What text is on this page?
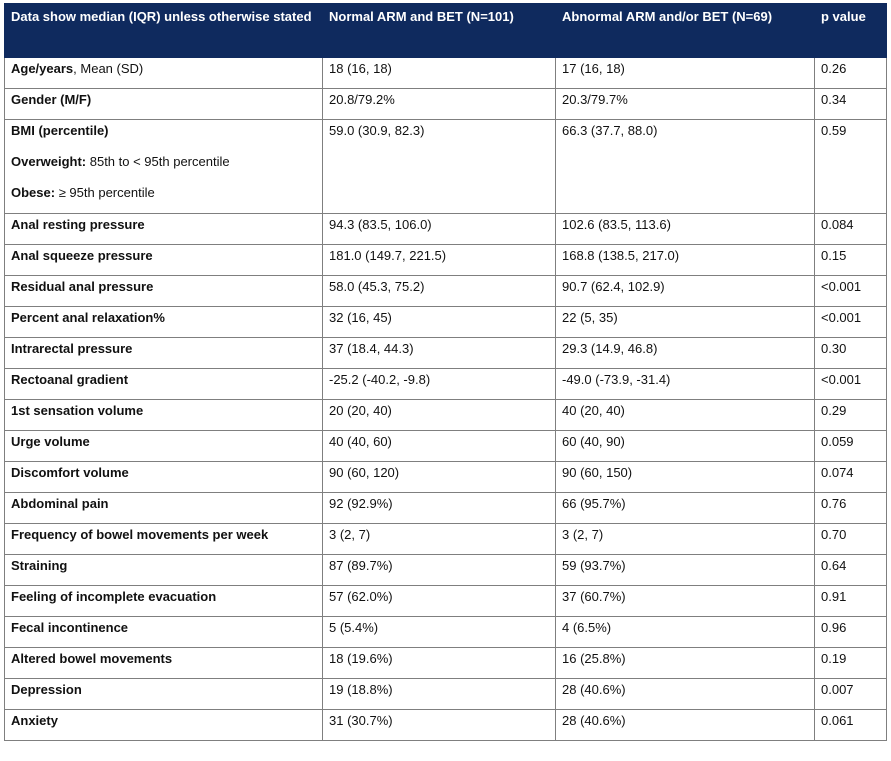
Data show median (IQR) unless otherwise stated	Normal ARM and BET (N=101)	Abnormal ARM and/or BET (N=69)	p value
Age/years, Mean (SD)	18 (16, 18)	17 (16, 18)	0.26
Gender (M/F)	20.8/79.2%	20.3/79.7%	0.34
BMI (percentile)
Overweight: 85th to < 95th percentile
Obese: ≥ 95th percentile	59.0 (30.9, 82.3)	66.3 (37.7, 88.0)	0.59
Anal resting pressure	94.3 (83.5, 106.0)	102.6 (83.5, 113.6)	0.084
Anal squeeze pressure	181.0 (149.7, 221.5)	168.8 (138.5, 217.0)	0.15
Residual anal pressure	58.0 (45.3, 75.2)	90.7 (62.4, 102.9)	<0.001
Percent anal relaxation%	32 (16, 45)	22 (5, 35)	<0.001
Intrarectal pressure	37 (18.4, 44.3)	29.3 (14.9, 46.8)	0.30
Rectoanal gradient	-25.2 (-40.2, -9.8)	-49.0 (-73.9, -31.4)	<0.001
1st sensation volume	20 (20, 40)	40 (20, 40)	0.29
Urge volume	40 (40, 60)	60 (40, 90)	0.059
Discomfort volume	90 (60, 120)	90 (60, 150)	0.074
Abdominal pain	92 (92.9%)	66 (95.7%)	0.76
Frequency of bowel movements per week	3 (2, 7)	3 (2, 7)	0.70
Straining	87 (89.7%)	59 (93.7%)	0.64
Feeling of incomplete evacuation	57 (62.0%)	37 (60.7%)	0.91
Fecal incontinence	5 (5.4%)	4 (6.5%)	0.96
Altered bowel movements	18 (19.6%)	16 (25.8%)	0.19
Depression	19 (18.8%)	28 (40.6%)	0.007
Anxiety	31 (30.7%)	28 (40.6%)	0.061
